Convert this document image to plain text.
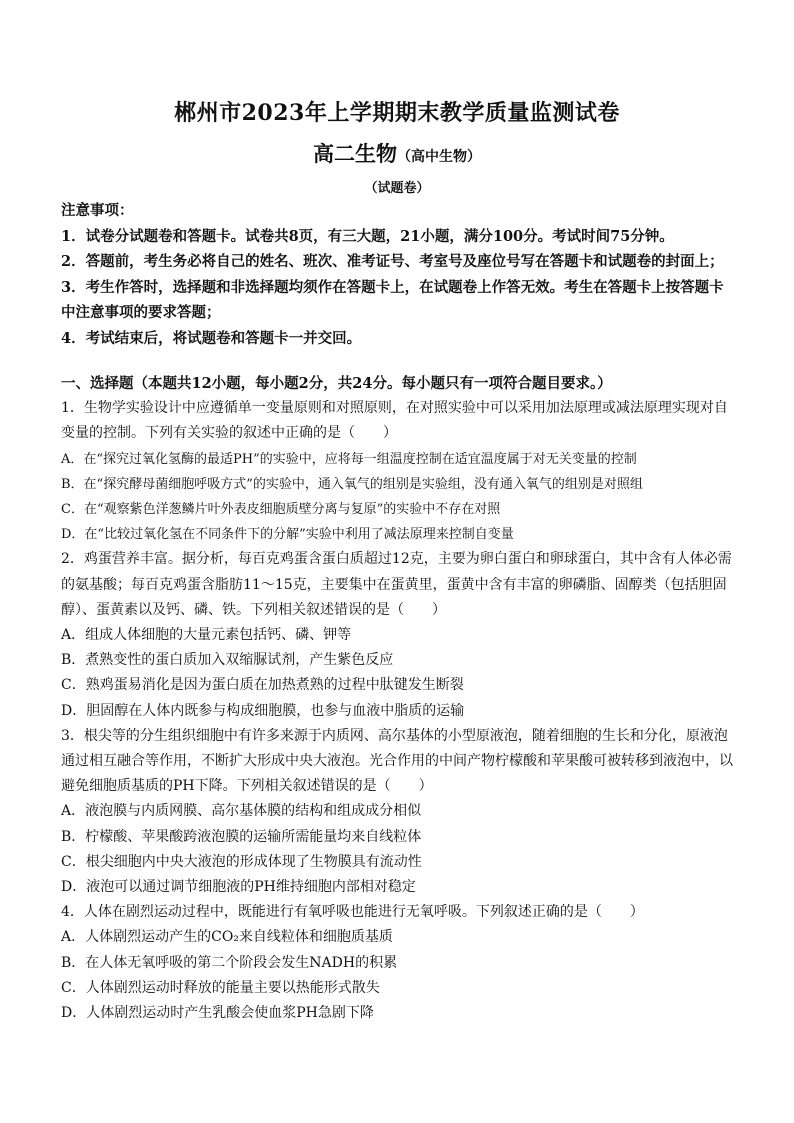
郴州市2023年上学期期末教学质量监测试卷
高二生物（高中生物）
（试题卷）

注意事项：

1．试卷分试题卷和答题卡。试卷共8页，有三大题，21小题，满分100分。考试时间75分钟。

2．答题前，考生务必将自己的姓名、班次、准考证号、考室号及座位号写在答题卡和试题卷的封面上；

3．考生作答时，选择题和非选择题均须作在答题卡上，在试题卷上作答无效。考生在答题卡上按答题卡中注意事项的要求答题；

4．考试结束后，将试题卷和答题卡一并交回。

一、选择题（本题共12小题，每小题2分，共24分。每小题只有一项符合题目要求。）

1．生物学实验设计中应遵循单一变量原则和对照原则，在对照实验中可以采用加法原理或减法原理实现对自变量的控制。下列有关实验的叙述中正确的是（　　）

A．在“探究过氧化氢酶的最适PH”的实验中，应将每一组温度控制在适宜温度属于对无关变量的控制

B．在“探究酵母菌细胞呼吸方式”的实验中，通入氧气的组别是实验组，没有通入氧气的组别是对照组

C．在“观察紫色洋葱鳞片叶外表皮细胞质壁分离与复原”的实验中不存在对照

D．在“比较过氧化氢在不同条件下的分解”实验中利用了减法原理来控制自变量

2．鸡蛋营养丰富。据分析，每百克鸡蛋含蛋白质超过12克，主要为卵白蛋白和卵球蛋白，其中含有人体必需的氨基酸；每百克鸡蛋含脂肪11～15克，主要集中在蛋黄里，蛋黄中含有丰富的卵磷脂、固醇类（包括胆固醇）、蛋黄素以及钙、磷、铁。下列相关叙述错误的是（　　）

A．组成人体细胞的大量元素包括钙、磷、钾等

B．煮熟变性的蛋白质加入双缩脲试剂，产生紫色反应

C．熟鸡蛋易消化是因为蛋白质在加热煮熟的过程中肽键发生断裂

D．胆固醇在人体内既参与构成细胞膜，也参与血液中脂质的运输

3．根尖等的分生组织细胞中有许多来源于内质网、高尔基体的小型原液泡，随着细胞的生长和分化，原液泡通过相互融合等作用，不断扩大形成中央大液泡。光合作用的中间产物柠檬酸和苹果酸可被转移到液泡中，以避免细胞质基质的PH下降。下列相关叙述错误的是（　　）

A．液泡膜与内质网膜、高尔基体膜的结构和组成成分相似

B．柠檬酸、苹果酸跨液泡膜的运输所需能量均来自线粒体

C．根尖细胞内中央大液泡的形成体现了生物膜具有流动性

D．液泡可以通过调节细胞液的PH维持细胞内部相对稳定

4．人体在剧烈运动过程中，既能进行有氧呼吸也能进行无氧呼吸。下列叙述正确的是（　　）

A．人体剧烈运动产生的CO₂来自线粒体和细胞质基质

B．在人体无氧呼吸的第二个阶段会发生NADH的积累

C．人体剧烈运动时释放的能量主要以热能形式散失

D．人体剧烈运动时产生乳酸会使血浆PH急剧下降
